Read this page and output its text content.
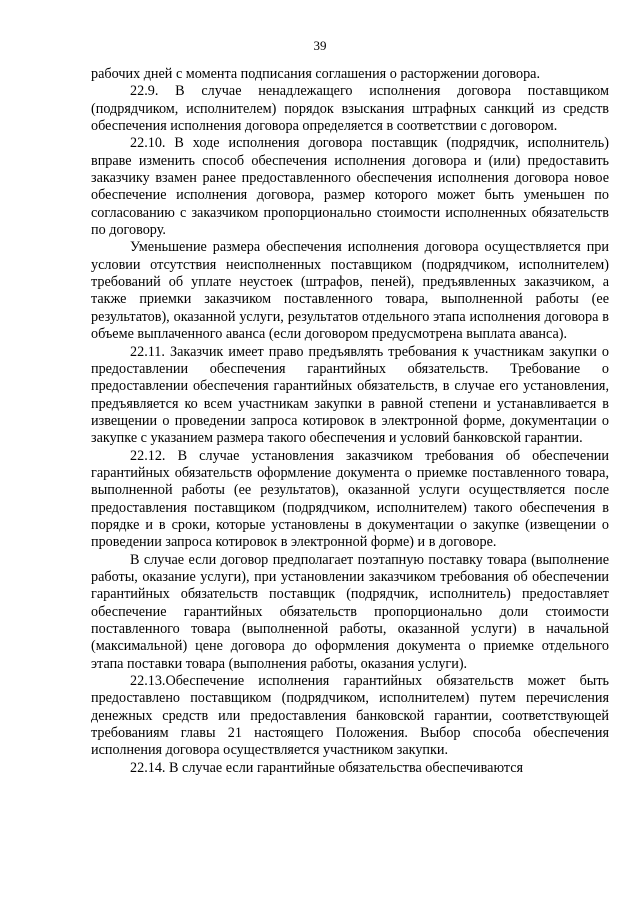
39

рабочих дней с момента подписания соглашения о расторжении договора.

22.9. В случае ненадлежащего исполнения договора поставщиком (подрядчиком, исполнителем) порядок взыскания штрафных санкций из средств обеспечения исполнения договора определяется в соответствии с договором.

22.10. В ходе исполнения договора поставщик (подрядчик, исполнитель) вправе изменить способ обеспечения исполнения договора и (или) предоставить заказчику взамен ранее предоставленного обеспечения исполнения договора новое обеспечение исполнения договора, размер которого может быть уменьшен по согласованию с заказчиком пропорционально стоимости исполненных обязательств по договору.

Уменьшение размера обеспечения исполнения договора осуществляется при условии отсутствия неисполненных поставщиком (подрядчиком, исполнителем) требований об уплате неустоек (штрафов, пеней), предъявленных заказчиком, а также приемки заказчиком поставленного товара, выполненной работы (ее результатов), оказанной услуги, результатов отдельного этапа исполнения договора в объеме выплаченного аванса (если договором предусмотрена выплата аванса).

22.11. Заказчик имеет право предъявлять требования к участникам закупки о предоставлении обеспечения гарантийных обязательств. Требование о предоставлении обеспечения гарантийных обязательств, в случае его установления, предъявляется ко всем участникам закупки в равной степени и устанавливается в извещении о проведении запроса котировок в электронной форме, документации о закупке с указанием размера такого обеспечения и условий банковской гарантии.

22.12. В случае установления заказчиком требования об обеспечении гарантийных обязательств оформление документа о приемке поставленного товара, выполненной работы (ее результатов), оказанной услуги осуществляется после предоставления поставщиком (подрядчиком, исполнителем) такого обеспечения в порядке и в сроки, которые установлены в документации о закупке (извещении о проведении запроса котировок в электронной форме) и в договоре.

В случае если договор предполагает поэтапную поставку товара (выполнение работы, оказание услуги), при установлении заказчиком требования об обеспечении гарантийных обязательств поставщик (подрядчик, исполнитель) предоставляет обеспечение гарантийных обязательств пропорционально доли стоимости поставленного товара (выполненной работы, оказанной услуги) в начальной (максимальной) цене договора до оформления документа о приемке отдельного этапа поставки товара (выполнения работы, оказания услуги).

22.13.Обеспечение исполнения гарантийных обязательств может быть предоставлено поставщиком (подрядчиком, исполнителем) путем перечисления денежных средств или предоставления банковской гарантии, соответствующей требованиям главы 21 настоящего Положения. Выбор способа обеспечения исполнения договора осуществляется участником закупки.

22.14. В случае если гарантийные обязательства обеспечиваются
